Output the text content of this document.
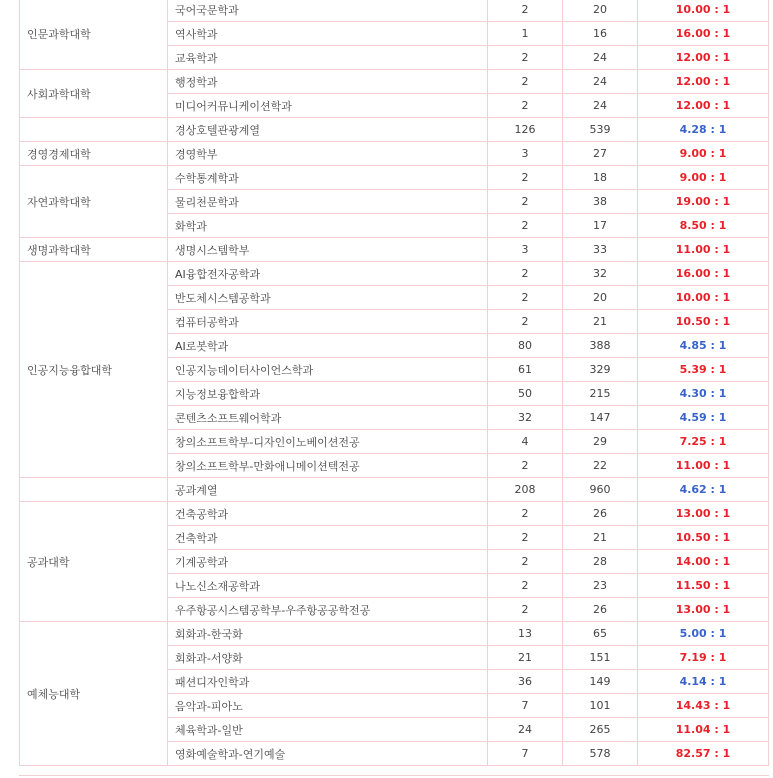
인문과학대학	국어국문학과	2	20	10.00 : 1
	역사학과	1	16	16.00 : 1
	교육학과	2	24	12.00 : 1
사회과학대학	행정학과	2	24	12.00 : 1
	미디어커뮤니케이션학과	2	24	12.00 : 1
	경상호텔관광계열	126	539	4.28 : 1
경영경제대학	경영학부	3	27	9.00 : 1
자연과학대학	수학통계학과	2	18	9.00 : 1
	물리천문학과	2	38	19.00 : 1
	화학과	2	17	8.50 : 1
생명과학대학	생명시스템학부	3	33	11.00 : 1
인공지능융합대학	AI융합전자공학과	2	32	16.00 : 1
	반도체시스템공학과	2	20	10.00 : 1
	컴퓨터공학과	2	21	10.50 : 1
	AI로봇학과	80	388	4.85 : 1
	인공지능데이터사이언스학과	61	329	5.39 : 1
	지능정보융합학과	50	215	4.30 : 1
	콘텐츠소프트웨어학과	32	147	4.59 : 1
	창의소프트학부-디자인이노베이션전공	4	29	7.25 : 1
	창의소프트학부-만화애니메이션텍전공	2	22	11.00 : 1
	공과계열	208	960	4.62 : 1
공과대학	건축공학과	2	26	13.00 : 1
	건축학과	2	21	10.50 : 1
	기계공학과	2	28	14.00 : 1
	나노신소재공학과	2	23	11.50 : 1
	우주항공시스템공학부-우주항공공학전공	2	26	13.00 : 1
예체능대학	회화과-한국화	13	65	5.00 : 1
	회화과-서양화	21	151	7.19 : 1
	패션디자인학과	36	149	4.14 : 1
	음악과-피아노	7	101	14.43 : 1
	체육학과-일반	24	265	11.04 : 1
	영화예술학과-연기예술	7	578	82.57 : 1
